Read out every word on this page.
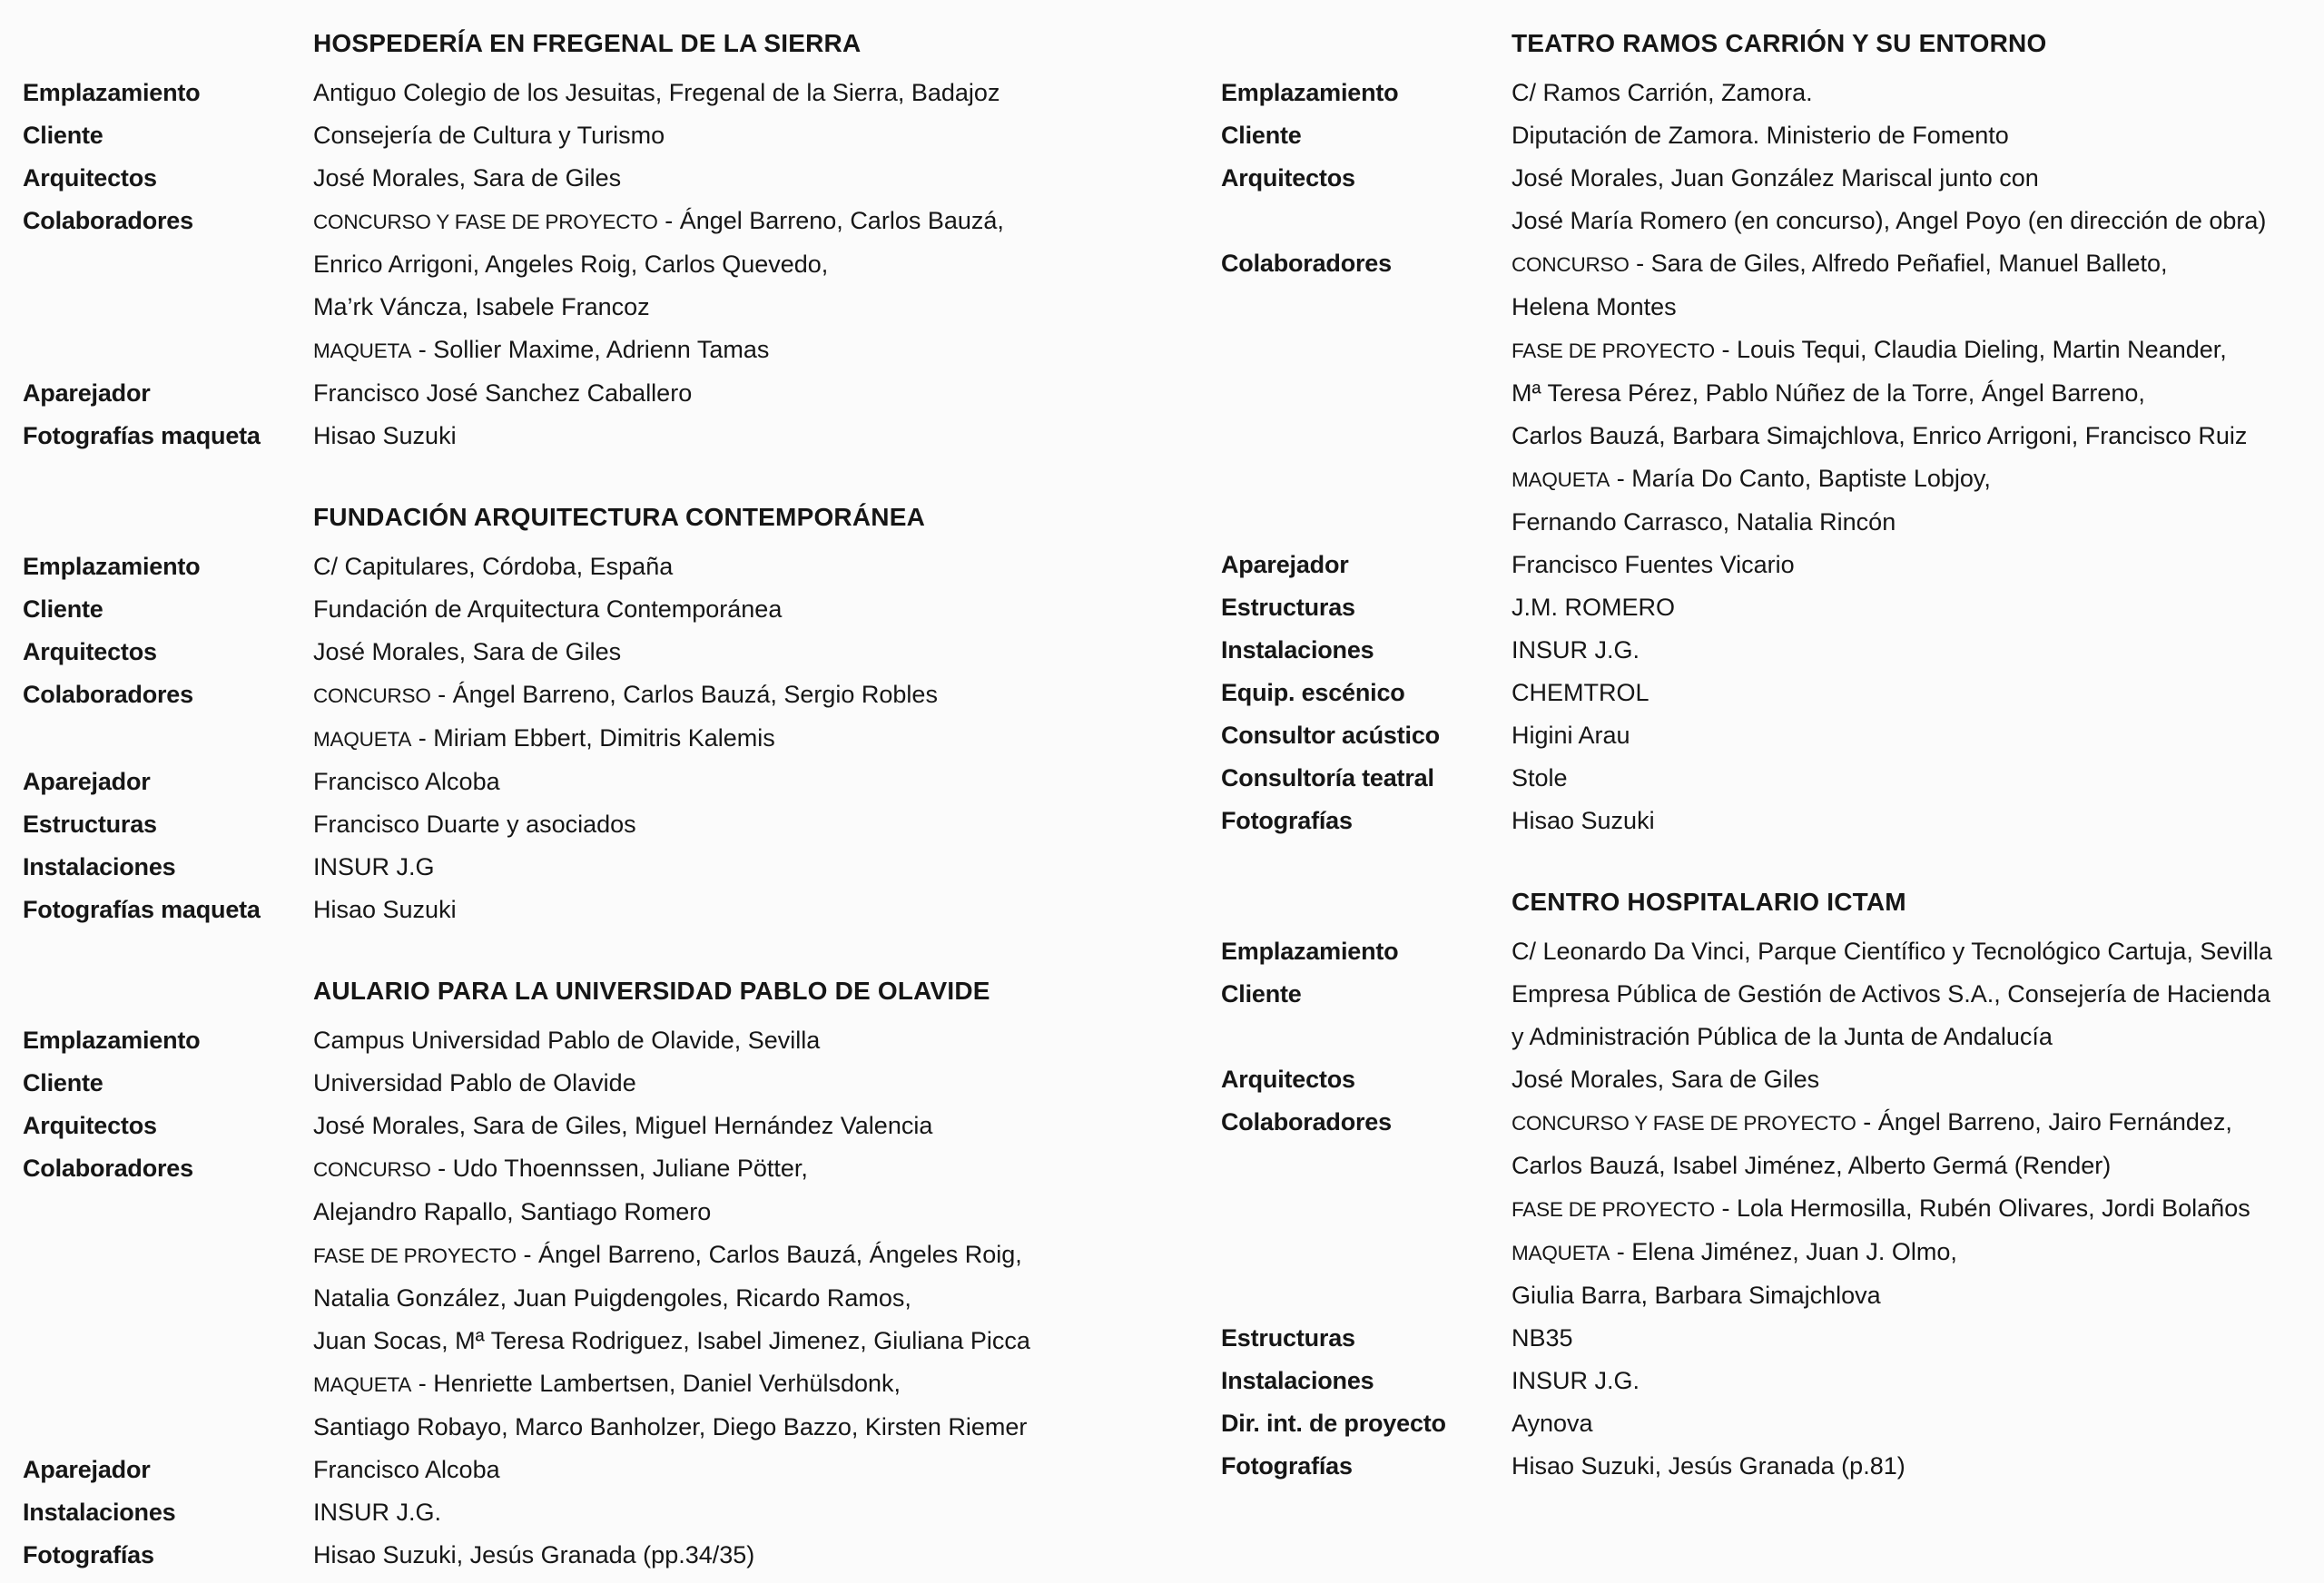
HOSPEDERÍA EN FREGENAL DE LA SIERRA
Emplazamiento	Antiguo Colegio de los Jesuitas, Fregenal de la Sierra, Badajoz
Cliente	Consejería de Cultura y Turismo
Arquitectos	José Morales, Sara de Giles
Colaboradores	CONCURSO Y FASE DE PROYECTO - Ángel Barreno, Carlos Bauzá,
Enrico Arrigoni, Angeles Roig, Carlos Quevedo,
Ma’rk Váncza, Isabele Francoz
MAQUETA - Sollier Maxime, Adrienn Tamas
Aparejador	Francisco José Sanchez Caballero
Fotografías maqueta	Hisao Suzuki
FUNDACIÓN ARQUITECTURA CONTEMPORÁNEA
Emplazamiento	C/ Capitulares, Córdoba, España
Cliente	Fundación de Arquitectura Contemporánea
Arquitectos	José Morales, Sara de Giles
Colaboradores	CONCURSO - Ángel Barreno, Carlos Bauzá, Sergio Robles
MAQUETA - Miriam Ebbert, Dimitris Kalemis
Aparejador	Francisco Alcoba
Estructuras	Francisco Duarte y asociados
Instalaciones	INSUR J.G
Fotografías maqueta	Hisao Suzuki
AULARIO PARA LA UNIVERSIDAD PABLO DE OLAVIDE
Emplazamiento	Campus Universidad Pablo de Olavide, Sevilla
Cliente	Universidad Pablo de Olavide
Arquitectos	José Morales, Sara de Giles, Miguel Hernández Valencia
Colaboradores	CONCURSO - Udo Thoennssen, Juliane Pötter,
Alejandro Rapallo, Santiago Romero
FASE DE PROYECTO - Ángel Barreno, Carlos Bauzá, Ángeles Roig,
Natalia González, Juan Puigdengoles, Ricardo Ramos,
Juan Socas, Mª Teresa Rodriguez, Isabel Jimenez, Giuliana Picca
MAQUETA - Henriette Lambertsen, Daniel Verhülsdonk,
Santiago Robayo, Marco Banholzer, Diego Bazzo, Kirsten Riemer
Aparejador	Francisco Alcoba
Instalaciones	INSUR J.G.
Fotografías	Hisao Suzuki, Jesús Granada (pp.34/35)
TEATRO RAMOS CARRIÓN Y SU ENTORNO
Emplazamiento	C/ Ramos Carrión, Zamora.
Cliente	Diputación de Zamora. Ministerio de Fomento
Arquitectos	José Morales, Juan González Mariscal junto con
José María Romero (en concurso), Angel Poyo (en dirección de obra)
Colaboradores	CONCURSO - Sara de Giles, Alfredo Peñafiel, Manuel Balleto,
Helena Montes
FASE DE PROYECTO - Louis Tequi, Claudia Dieling, Martin Neander,
Mª Teresa Pérez, Pablo Núñez de la Torre, Ángel Barreno,
Carlos Bauzá, Barbara Simajchlova, Enrico Arrigoni, Francisco Ruiz
MAQUETA - María Do Canto, Baptiste Lobjoy,
Fernando Carrasco, Natalia Rincón
Aparejador	Francisco Fuentes Vicario
Estructuras	J.M. ROMERO
Instalaciones	INSUR J.G.
Equip. escénico	CHEMTROL
Consultor acústico	Higini Arau
Consultoría teatral	Stole
Fotografías	Hisao Suzuki
CENTRO HOSPITALARIO ICTAM
Emplazamiento	C/ Leonardo Da Vinci, Parque Científico y Tecnológico Cartuja, Sevilla
Cliente	Empresa Pública de Gestión de Activos S.A., Consejería de Hacienda
y Administración Pública de la Junta de Andalucía
Arquitectos	José Morales, Sara de Giles
Colaboradores	CONCURSO Y FASE DE PROYECTO - Ángel Barreno, Jairo Fernández,
Carlos Bauzá, Isabel Jiménez, Alberto Germá (Render)
FASE DE PROYECTO - Lola Hermosilla, Rubén Olivares, Jordi Bolaños
MAQUETA - Elena Jiménez, Juan J. Olmo,
Giulia Barra, Barbara Simajchlova
Estructuras	NB35
Instalaciones	INSUR J.G.
Dir. int. de proyecto	Aynova
Fotografías	Hisao Suzuki, Jesús Granada (p.81)
